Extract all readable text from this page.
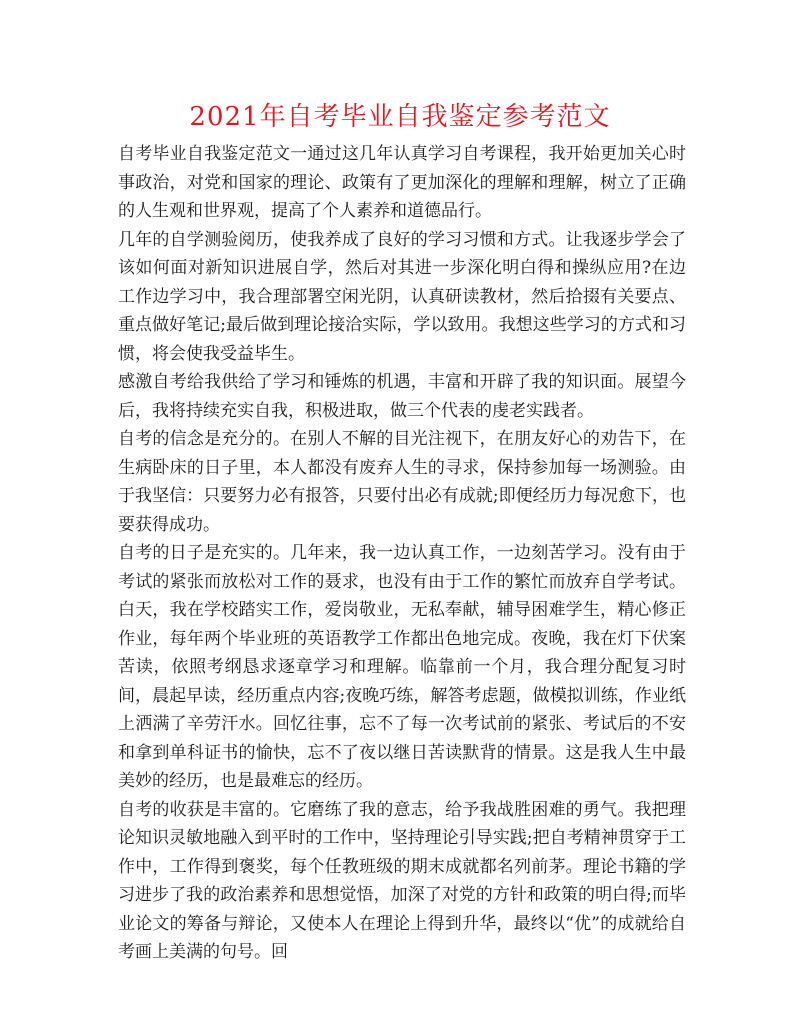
2021年自考毕业自我鉴定参考范文

自考毕业自我鉴定范文一通过这几年认真学习自考课程，我开始更加关心时事政治，对党和国家的理论、政策有了更加深化的理解和理解，树立了正确的人生观和世界观，提高了个人素养和道德品行。

几年的自学测验阅历，使我养成了良好的学习习惯和方式。让我逐步学会了该如何面对新知识进展自学，然后对其进一步深化明白得和操纵应用?在边工作边学习中，我合理部署空闲光阴，认真研读教材，然后拾掇有关要点、重点做好笔记;最后做到理论接洽实际，学以致用。我想这些学习的方式和习惯，将会使我受益毕生。

感激自考给我供给了学习和锤炼的机遇，丰富和开辟了我的知识面。展望今后，我将持续充实自我，积极进取，做三个代表的虔老实践者。

自考的信念是充分的。在别人不解的目光注视下，在朋友好心的劝告下，在生病卧床的日子里，本人都没有废弃人生的寻求，保持参加每一场测验。由于我坚信：只要努力必有报答，只要付出必有成就;即便经历力每况愈下，也要获得成功。

自考的日子是充实的。几年来，我一边认真工作，一边刻苦学习。没有由于考试的紧张而放松对工作的聂求，也没有由于工作的繁忙而放弃自学考试。白天，我在学校踏实工作，爱岗敬业，无私奉献，辅导困难学生，精心修正作业，每年两个毕业班的英语教学工作都出色地完成。夜晚，我在灯下伏案苦读，依照考纲恳求逐章学习和理解。临靠前一个月，我合理分配复习时间，晨起早读，经历重点内容;夜晚巧练，解答考虑题，做模拟训练，作业纸上洒满了辛劳汗水。回忆往事，忘不了每一次考试前的紧张、考试后的不安和拿到单科证书的愉快，忘不了夜以继日苦读默背的情景。这是我人生中最美妙的经历，也是最难忘的经历。

自考的收获是丰富的。它磨练了我的意志，给予我战胜困难的勇气。我把理论知识灵敏地融入到平时的工作中，坚持理论引导实践;把自考精神贯穿于工作中，工作得到褒奖，每个任教班级的期末成就都名列前茅。理论书籍的学习进步了我的政治素养和思想觉悟，加深了对党的方针和政策的明白得;而毕业论文的筹备与辩论，又使本人在理论上得到升华，最终以“优”的成就给自考画上美满的句号。回
